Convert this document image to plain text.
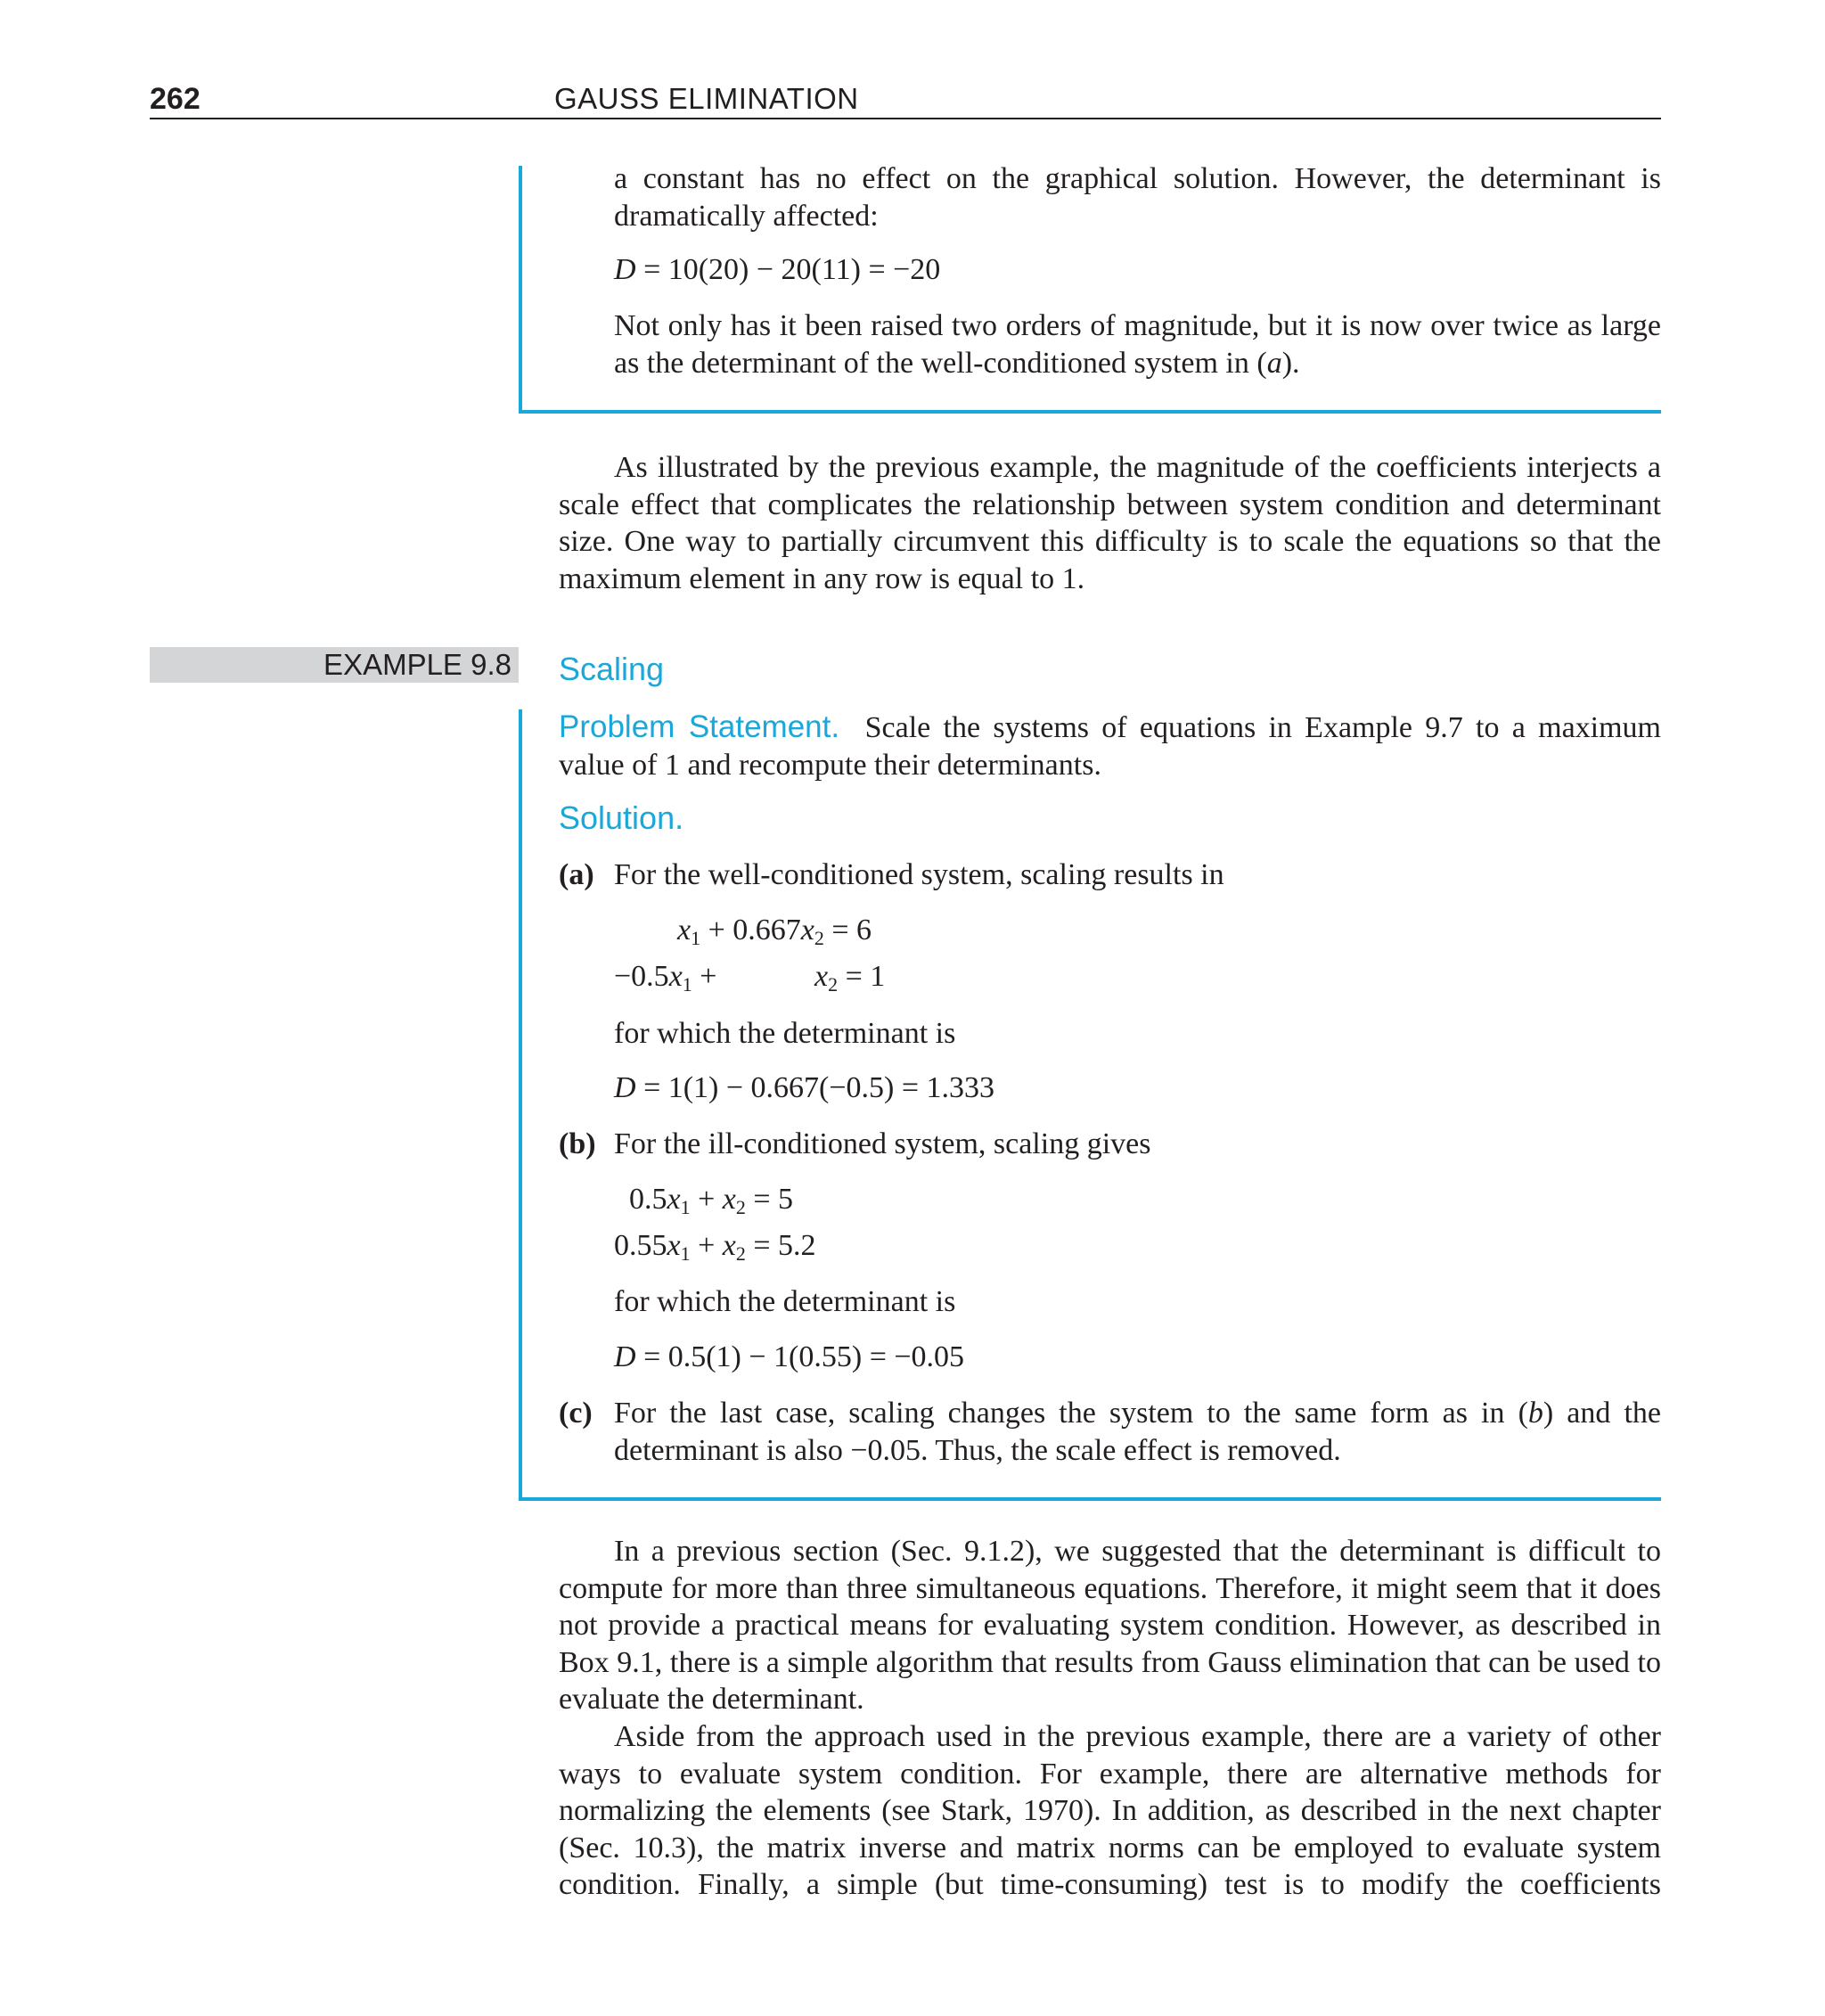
262	GAUSS ELIMINATION
a constant has no effect on the graphical solution. However, the determinant is dramatically affected:
D = 10(20) − 20(11) = −20
Not only has it been raised two orders of magnitude, but it is now over twice as large as the determinant of the well-conditioned system in (a).
As illustrated by the previous example, the magnitude of the coefficients interjects a scale effect that complicates the relationship between system condition and determinant size. One way to partially circumvent this difficulty is to scale the equations so that the maximum element in any row is equal to 1.
EXAMPLE 9.8 Scaling
Problem Statement. Scale the systems of equations in Example 9.7 to a maximum value of 1 and recompute their determinants.
Solution.
(a) For the well-conditioned system, scaling results in
$x_1 + 0.667x_2 = 6$
$-0.5x_1$ +	$x_2 = 1$
for which the determinant is
D = 1(1) − 0.667(−0.5) = 1.333
(b) For the ill-conditioned system, scaling gives
$0.5x_1 + x_2 = 5$
$0.55x_1 + x_2 = 5.2$
for which the determinant is
D = 0.5(1) − 1(0.55) = −0.05
(c) For the last case, scaling changes the system to the same form as in (b) and the determinant is also −0.05. Thus, the scale effect is removed.
In a previous section (Sec. 9.1.2), we suggested that the determinant is difficult to compute for more than three simultaneous equations. Therefore, it might seem that it does not provide a practical means for evaluating system condition. However, as described in Box 9.1, there is a simple algorithm that results from Gauss elimination that can be used to evaluate the determinant.
Aside from the approach used in the previous example, there are a variety of other ways to evaluate system condition. For example, there are alternative methods for normalizing the elements (see Stark, 1970). In addition, as described in the next chapter (Sec. 10.3), the matrix inverse and matrix norms can be employed to evaluate system condition. Finally, a simple (but time-consuming) test is to modify the coefficients
